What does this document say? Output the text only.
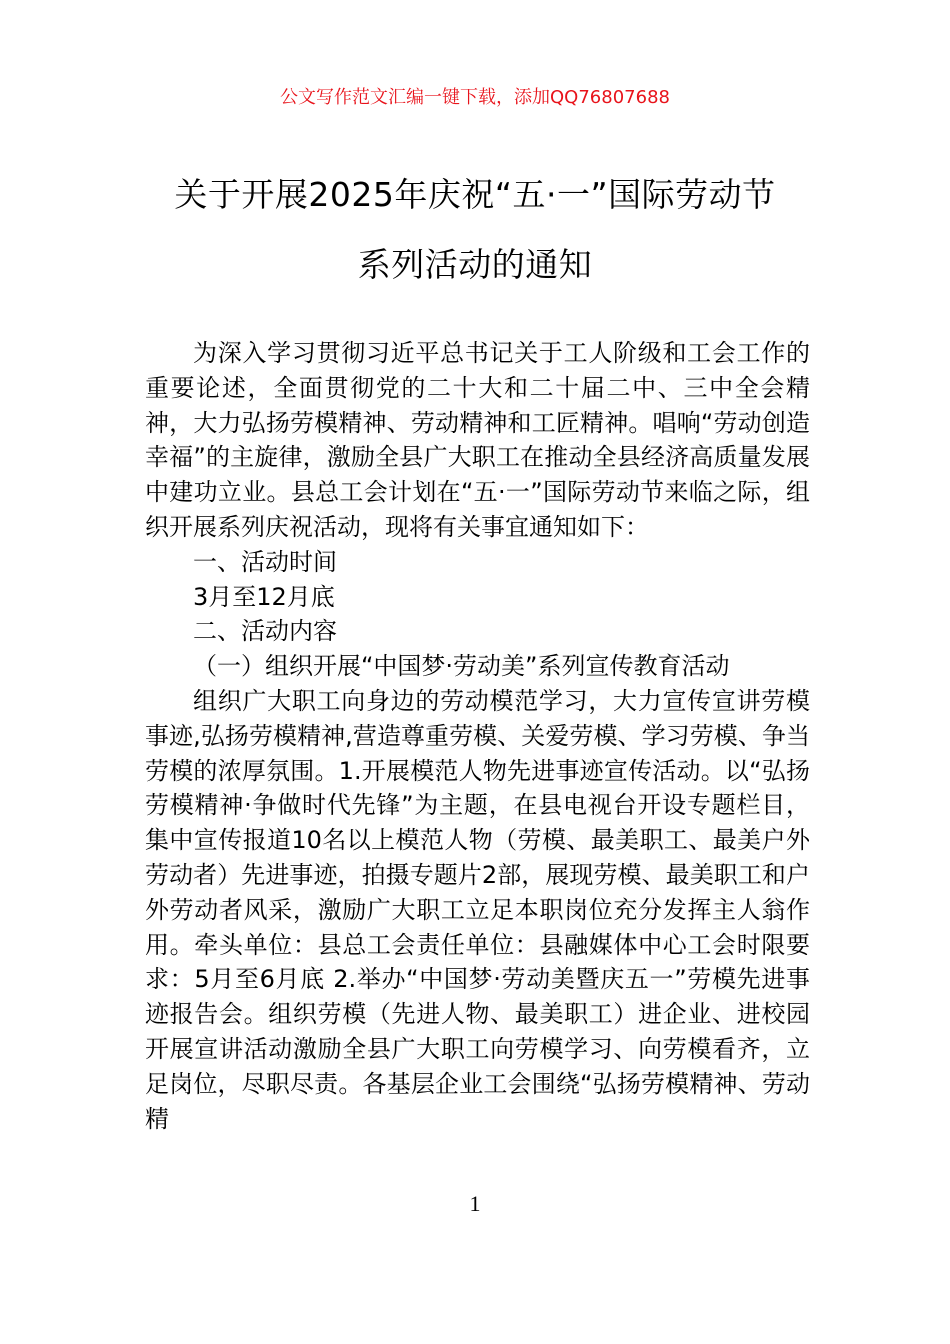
公文写作范文汇编一键下载，添加QQ76807688
关于开展2025年庆祝“五·一”国际劳动节
系列活动的通知

为深入学习贯彻习近平总书记关于工人阶级和工会工作的重要论述，全面贯彻党的二十大和二十届二中、三中全会精神，大力弘扬劳模精神、劳动精神和工匠精神。唱响“劳动创造幸福”的主旋律，激励全县广大职工在推动全县经济高质量发展中建功立业。县总工会计划在“五·一”国际劳动节来临之际，组织开展系列庆祝活动，现将有关事宜通知如下：

一、活动时间

3月至12月底

二、活动内容

（一）组织开展“中国梦·劳动美”系列宣传教育活动

组织广大职工向身边的劳动模范学习，大力宣传宣讲劳模事迹,弘扬劳模精神,营造尊重劳模、关爱劳模、学习劳模、争当劳模的浓厚氛围。1.开展模范人物先进事迹宣传活动。以“弘扬劳模精神·争做时代先锋”为主题，在县电视台开设专题栏目，集中宣传报道10名以上模范人物（劳模、最美职工、最美户外劳动者）先进事迹，拍摄专题片2部，展现劳模、最美职工和户外劳动者风采，激励广大职工立足本职岗位充分发挥主人翁作用。牵头单位：县总工会责任单位：县融媒体中心工会时限要求：5月至6月底 2.举办“中国梦·劳动美暨庆五一”劳模先进事迹报告会。组织劳模（先进人物、最美职工）进企业、进校园开展宣讲活动激励全县广大职工向劳模学习、向劳模看齐，立足岗位，尽职尽责。各基层企业工会围绕“弘扬劳模精神、劳动精

1
